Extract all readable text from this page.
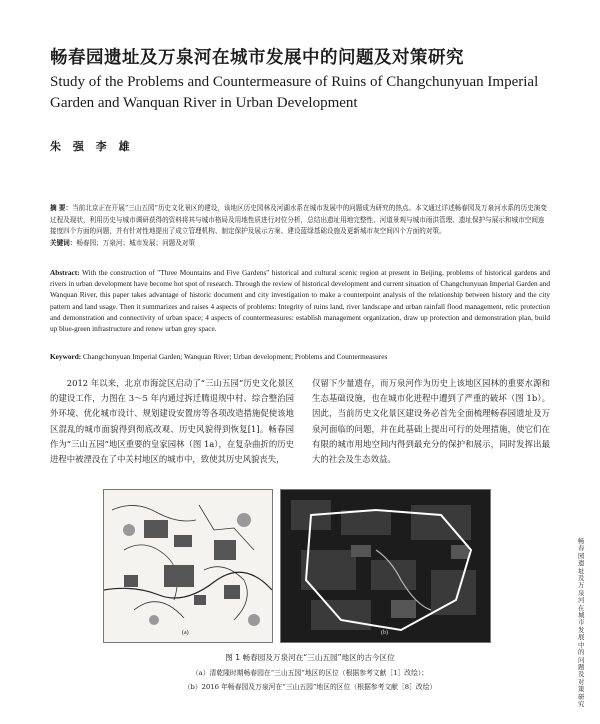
畅春园遗址及万泉河在城市发展中的问题及对策研究
Study of the Problems and Countermeasure of Ruins of Changchunyuan Imperial Garden and Wanquan River in Urban Development
朱 强 李 雄
摘 要：当前北京正在开展“三山五园”历史文化景区的建设，该地区历史园林及河湖水系在城市发展中的问题成为研究的热点。本文通过详述畅春园及万泉河水系的历史演变过程及现状，利用历史与城市调研获得的资料将其与城市格局及用地性质进行对位分析，总结出遗址用地完整性、河道景观与城市雨洪管理、遗址保护与展示和城市空间连接度四个方面的问题，并有针对性地提出了成立管理机构、制定保护及展示方案、建设蓝绿基础设施及更新城市灰空间四个方面的对策。
关键词：畅春园；万泉河；城市发展；问题及对策
Abstract: With the construction of "Three Mountains and Five Gardens" historical and cultural scenic region at present in Beijing, problems of historical gardens and rivers in urban development have become hot spot of research. Through the review of historical development and current situation of Changchunyuan Imperial Garden and Wanquan River, this paper takes advantage of historic document and city investigation to make a counterpoint analysis of the relationship between history and the city pattern and land usage. Then it summarizes and raises 4 aspects of problems: Integrity of ruins land, river landscape and urban rainfall flood management, relic protection and demonstration and connectivity of urban space; 4 aspects of countermeasures: establish management organization, draw up protection and demonstration plan, build up blue-green infrastructure and renew urban grey space.
Keyword: Changchunyuan Imperial Garden; Wanquan River; Urban development; Problems and Countermeasures
2012 年以来，北京市海淀区启动了“三山五园”历史文化景区的建设工作，力图在 3～5 年内通过拆迁腾退规中村、综合整治园外环境、优化城市设计、规划建设安置房等各项改造措施促使该地区混乱的城市面貌得到彻底改观、历史风貌得到恢复[1]。畅春园作为“三山五园”地区重要的皇家园林（图 1a），在复杂曲折的历史进程中被湮没在了中关村地区的城市中，致使其历史风貌丧失，
仅留下少量遗存，而万泉河作为历史上该地区园林的重要水源和生态基础设施，也在城市化进程中遭到了严重的破坏（图 1b）。因此，当前历史文化景区建设务必首先全面梳理畅春园遗址及万泉河面临的问题，并在此基础上提出可行的处理措施，使它们在有限的城市用地空间内得到最充分的保护和展示，同时发挥出最大的社会及生态效益。
(a)	(b)
图 1 畅春园及万泉河在“三山五园”地区的古今区位
（a）清乾隆时期畅春园在“三山五园”地区的区位（根据参考文献［1］改绘）；
（b）2016 年畅春园及万泉河在“三山五园”地区的区位（根据参考文献［8］改绘）
畅春园遗址及万泉河在城市发展中的问题及对策研究
